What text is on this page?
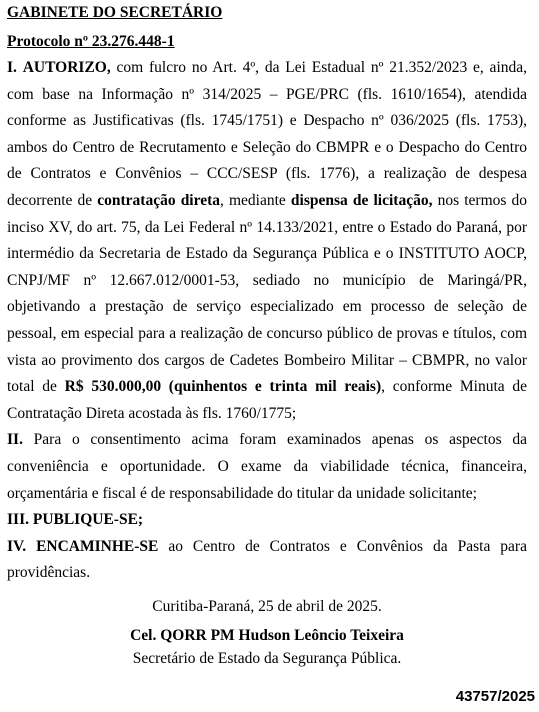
GABINETE DO SECRETÁRIO
Protocolo nº 23.276.448-1

I. AUTORIZO, com fulcro no Art. 4º, da Lei Estadual nº 21.352/2023 e, ainda, com base na Informação nº 314/2025 – PGE/PRC (fls. 1610/1654), atendida conforme as Justificativas (fls. 1745/1751) e Despacho nº 036/2025 (fls. 1753), ambos do Centro de Recrutamento e Seleção do CBMPR e o Despacho do Centro de Contratos e Convênios – CCC/SESP (fls. 1776), a realização de despesa decorrente de contratação direta, mediante dispensa de licitação, nos termos do inciso XV, do art. 75, da Lei Federal nº 14.133/2021, entre o Estado do Paraná, por intermédio da Secretaria de Estado da Segurança Pública e o INSTITUTO AOCP, CNPJ/MF nº 12.667.012/0001-53, sediado no município de Maringá/PR, objetivando a prestação de serviço especializado em processo de seleção de pessoal, em especial para a realização de concurso público de provas e títulos, com vista ao provimento dos cargos de Cadetes Bombeiro Militar – CBMPR, no valor total de R$ 530.000,00 (quinhentos e trinta mil reais), conforme Minuta de Contratação Direta acostada às fls. 1760/1775;

II. Para o consentimento acima foram examinados apenas os aspectos da conveniência e oportunidade. O exame da viabilidade técnica, financeira, orçamentária e fiscal é de responsabilidade do titular da unidade solicitante;

III. PUBLIQUE-SE;

IV. ENCAMINHE-SE ao Centro de Contratos e Convênios da Pasta para providências.

Curitiba-Paraná, 25 de abril de 2025.
Cel. QORR PM Hudson Leôncio Teixeira
Secretário de Estado da Segurança Pública.
43757/2025
